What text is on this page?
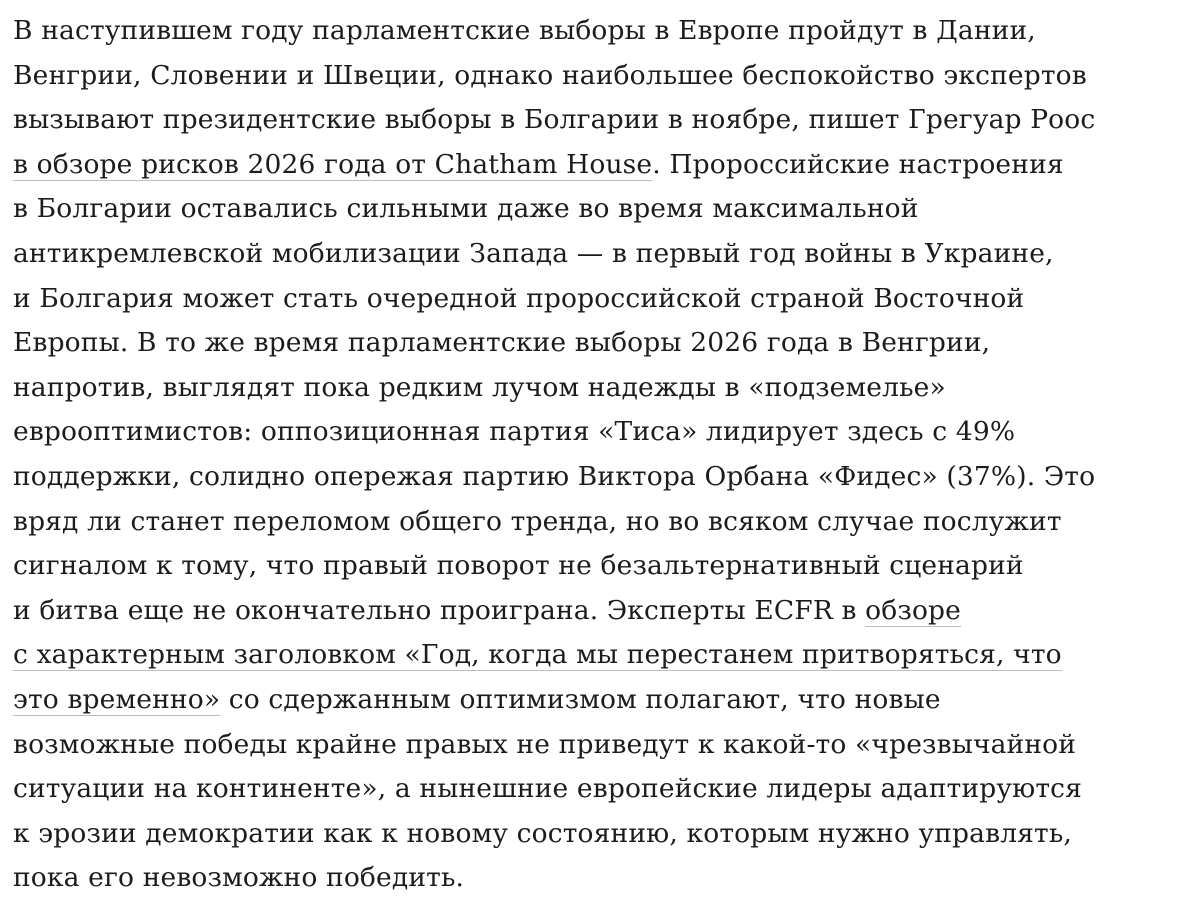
В наступившем году парламентские выборы в Европе пройдут в Дании,
Венгрии, Словении и Швеции, однако наибольшее беспокойство экспертов
вызывают президентские выборы в Болгарии в ноябре, пишет Грегуар Роос
в обзоре рисков 2026 года от Chatham House. Пророссийские настроения
в Болгарии оставались сильными даже во время максимальной
антикремлевской мобилизации Запада — в первый год войны в Украине,
и Болгария может стать очередной пророссийской страной Восточной
Европы. В то же время парламентские выборы 2026 года в Венгрии,
напротив, выглядят пока редким лучом надежды в «подземелье»
еврооптимистов: оппозиционная партия «Тиса» лидирует здесь с 49%
поддержки, солидно опережая партию Виктора Орбана «Фидес» (37%). Это
вряд ли станет переломом общего тренда, но во всяком случае послужит
сигналом к тому, что правый поворот не безальтернативный сценарий
и битва еще не окончательно проиграна. Эксперты ECFR в обзоре
с характерным заголовком «Год, когда мы перестанем притворяться, что
это временно» со сдержанным оптимизмом полагают, что новые
возможные победы крайне правых не приведут к какой-то «чрезвычайной
ситуации на континенте», а нынешние европейские лидеры адаптируются
к эрозии демократии как к новому состоянию, которым нужно управлять,
пока его невозможно победить.
